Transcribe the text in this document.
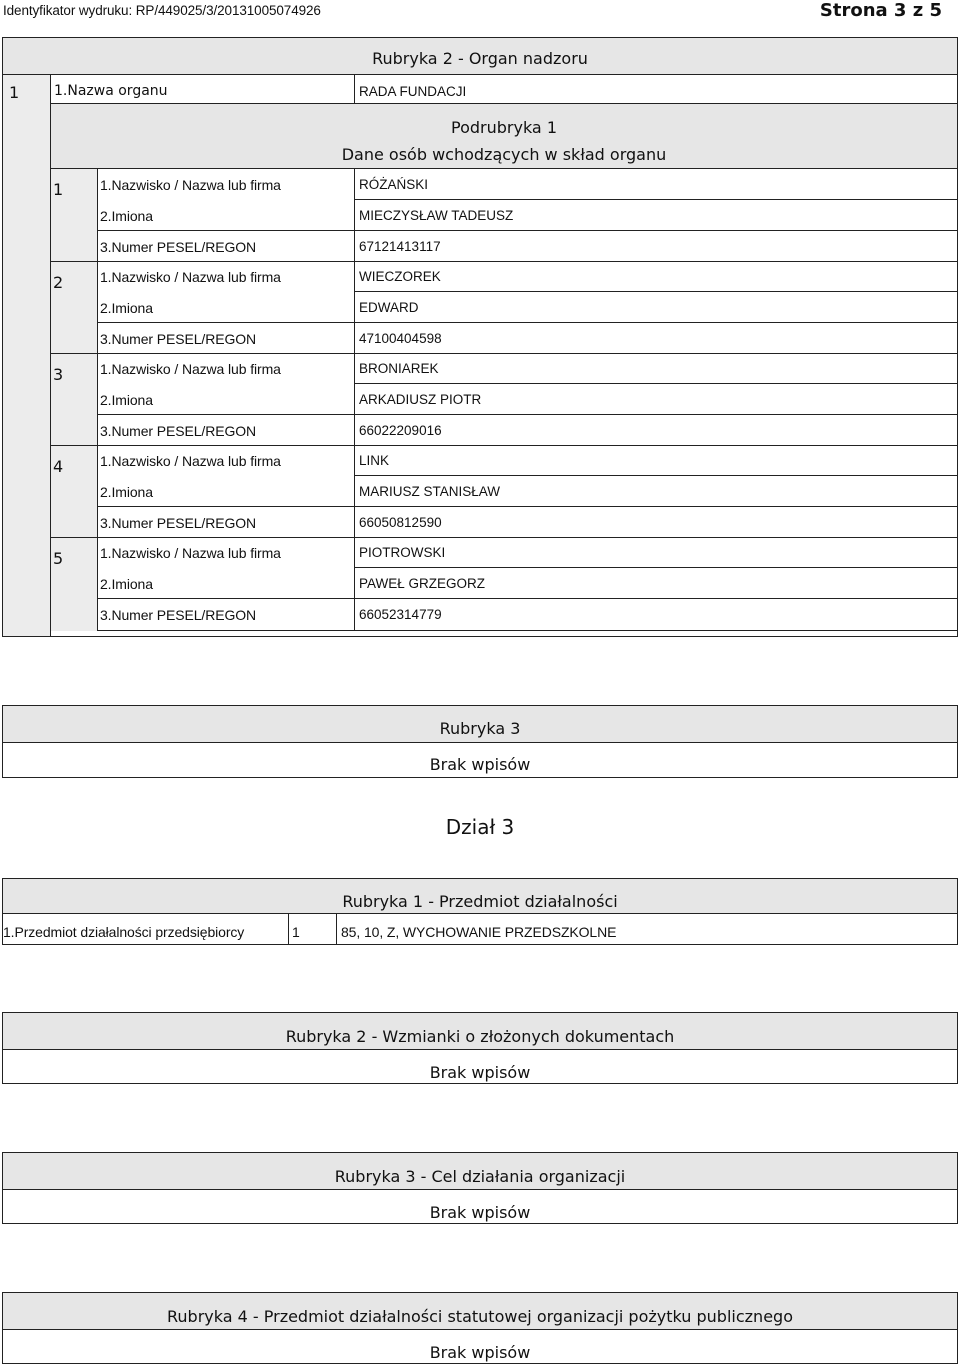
Identyfikator wydruku: RP/449025/3/20131005074926	Strona 3 z 5
Rubryka 2 - Organ nadzoru
1 1.Nazwa organu	RADA FUNDACJI
Podrubryka 1
Dane osób wchodzących w skład organu
1	1.Nazwisko / Nazwa lub firma	RÓŻAŃSKI
2.Imiona	MIECZYSŁAW TADEUSZ
3.Numer PESEL/REGON	67121413117
2	1.Nazwisko / Nazwa lub firma	WIECZOREK
2.Imiona	EDWARD
3.Numer PESEL/REGON	47100404598
3	1.Nazwisko / Nazwa lub firma	BRONIAREK
2.Imiona	ARKADIUSZ PIOTR
3.Numer PESEL/REGON	66022209016
4	1.Nazwisko / Nazwa lub firma	LINK
2.Imiona	MARIUSZ STANISŁAW
3.Numer PESEL/REGON	66050812590
5	1.Nazwisko / Nazwa lub firma	PIOTROWSKI
2.Imiona	PAWEŁ GRZEGORZ
3.Numer PESEL/REGON	66052314779
Rubryka 3
Brak wpisów
Dział 3
Rubryka 1 - Przedmiot działalności
1.Przedmiot działalności przedsiębiorcy	1	85, 10, Z, WYCHOWANIE PRZEDSZKOLNE
Rubryka 2 - Wzmianki o złożonych dokumentach
Brak wpisów
Rubryka 3 - Cel działania organizacji
Brak wpisów
Rubryka 4 - Przedmiot działalności statutowej organizacji pożytku publicznego
Brak wpisów
